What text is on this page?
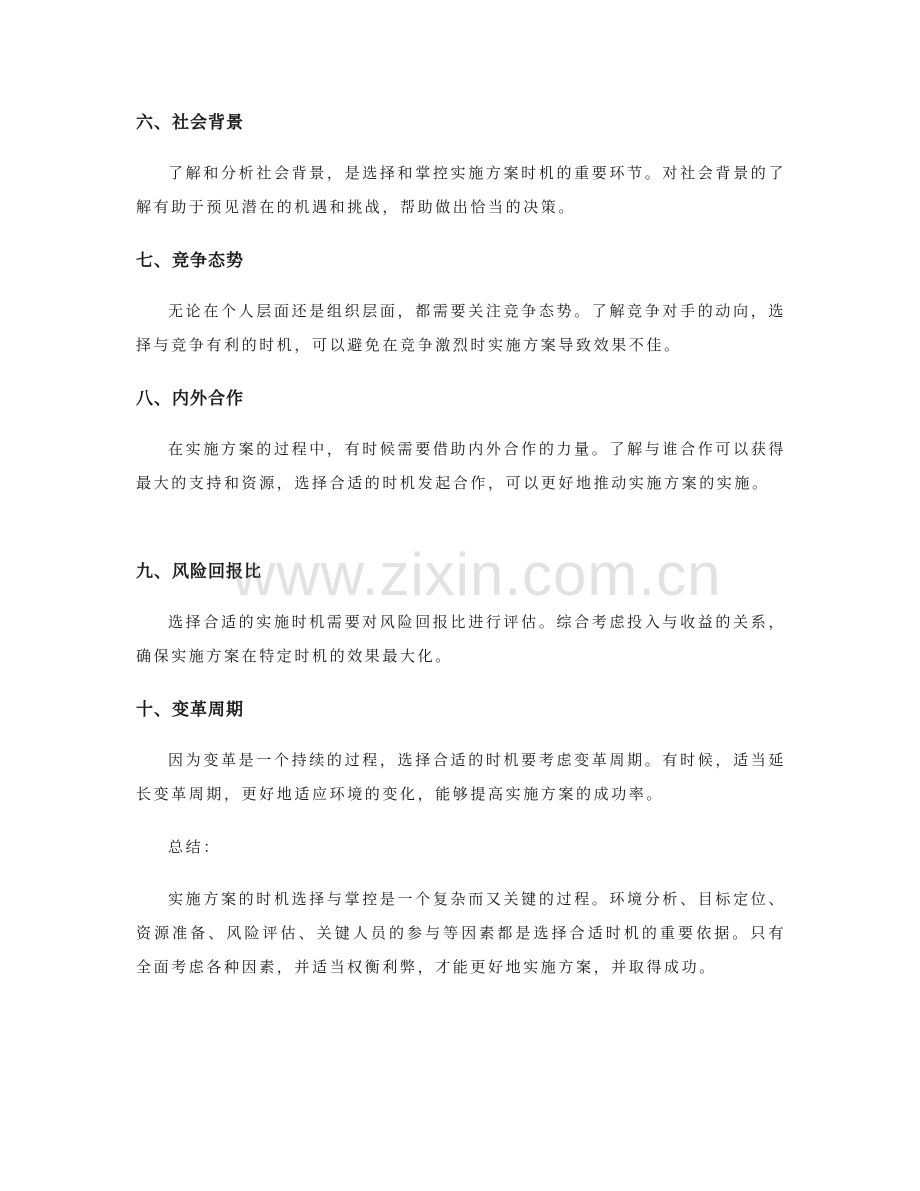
六、社会背景

了解和分析社会背景，是选择和掌控实施方案时机的重要环节。对社会背景的了解有助于预见潜在的机遇和挑战，帮助做出恰当的决策。

七、竞争态势

无论在个人层面还是组织层面，都需要关注竞争态势。了解竞争对手的动向，选择与竞争有利的时机，可以避免在竞争激烈时实施方案导致效果不佳。

八、内外合作

在实施方案的过程中，有时候需要借助内外合作的力量。了解与谁合作可以获得最大的支持和资源，选择合适的时机发起合作，可以更好地推动实施方案的实施。

九、风险回报比

选择合适的实施时机需要对风险回报比进行评估。综合考虑投入与收益的关系，确保实施方案在特定时机的效果最大化。

十、变革周期

因为变革是一个持续的过程，选择合适的时机要考虑变革周期。有时候，适当延长变革周期，更好地适应环境的变化，能够提高实施方案的成功率。

总结：

实施方案的时机选择与掌控是一个复杂而又关键的过程。环境分析、目标定位、资源准备、风险评估、关键人员的参与等因素都是选择合适时机的重要依据。只有全面考虑各种因素，并适当权衡利弊，才能更好地实施方案，并取得成功。

www.zixin.com.cn
